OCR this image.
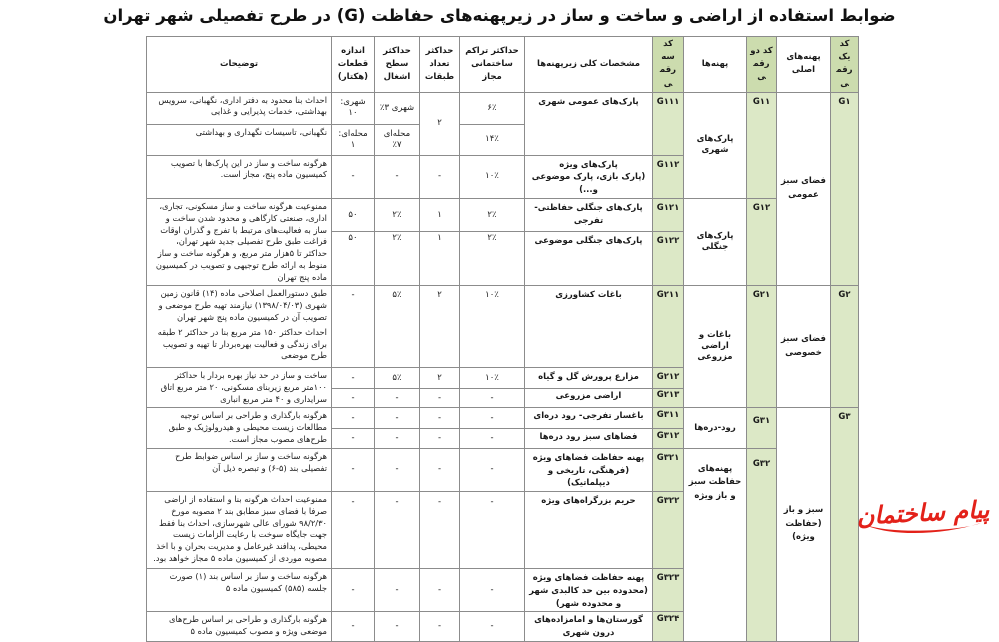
ضوابط استفاده از اراضی و ساخت و ساز در زیرپهنه‌های حفاظت (G) در طرح تفصیلی شهر تهران
کد یک رقمی	پهنه‌های اصلی	کد دو رقمی	پهنه‌ها	کد سه رقمی	مشخصات کلی زیرپهنه‌ها	حداکثر تراکم ساختمانی مجاز	حداکثر تعداد طبقات	حداکثر سطح اشغال	اندازه قطعات (هکتار)	توضیحات
G۱	فضای سبز عمومی	G۱۱	پارک‌های شهری	G۱۱۱	پارک‌های عمومی شهری	۶٪	۲	شهری ۳٪	شهری: ۱۰	احداث بنا محدود به دفتر اداری، نگهبانی، سرویس بهداشتی، خدمات پذیرایی و غذایی
						۱۴٪		محله‌ای ۷٪	محله‌ای: ۱	نگهبانی، تاسیسات نگهداری و بهداشتی
				G۱۱۲	پارک‌های ویژه
(پارک بازی، پارک موضوعی و...)	۱۰٪	-	-	-	هرگونه ساخت و ساز در این پارک‌ها با تصویب کمیسیون ماده پنج، مجاز است.
		G۱۲	پارک‌های جنگلی	G۱۲۱	پارک‌های جنگلی حفاظتی-تفرجی	۲٪	۱	۲٪	۵۰	ممنوعیت هرگونه ساخت و ساز مسکونی، تجاری، اداری، صنعتی کارگاهی و محدود شدن ساخت و ساز به فعالیت‌های مرتبط با تفرج و گذران اوقات فراغت طبق طرح تفصیلی جدید شهر تهران، حداکثر تا ۵هزار متر مربع، و هرگونه ساخت و ساز منوط به ارائه طرح توجیهی و تصویب در کمیسیون ماده پنج تهران
				G۱۲۲	پارک‌های جنگلی موضوعی	۲٪	۱	۲٪	۵۰	
G۲	فضای سبز خصوصی	G۲۱	باغات و اراضی مزروعی	G۲۱۱	باغات کشاورزی	۱۰٪	۲	۵٪	-	طبق دستورالعمل اصلاحی ماده (۱۴) قانون زمین شهری (۱۳۹۸/۰۴/۰۳) نیازمند تهیه طرح موضعی و تصویب آن در کمیسیون ماده پنج شهر تهران
احداث حداکثر ۱۵۰ متر مربع بنا در حداکثر ۲ طبقه برای زندگی و فعالیت بهره‌بردار تا تهیه و تصویب طرح موضعی

				G۲۱۲	مزارع پرورش گل و گیاه	۱۰٪	۲	۵٪	-	ساخت و ساز در حد نیاز بهره بردار با حداکثر ۱۰۰متر مربع زیربنای مسکونی، ۲۰ متر مربع اتاق سرایداری و ۴۰ متر مربع انباری
				G۲۱۳	اراضی مزروعی	-	-	-	-	
G۳	سبز و باز (حفاظت ویژه)	G۳۱	رود-دره‌ها	G۳۱۱	باغسار تفرجی- رود دره‌ای	-	-	-	-	هرگونه بارگذاری و طراحی بر اساس توجیه مطالعات زیست محیطی و هیدرولوژیک و طبق طرح‌های مصوب مجاز است.
				G۳۱۲	فضاهای سبز رود دره‌ها	-	-	-	-	
		G۳۲	پهنه‌های حفاظت سبز و باز ویژه	G۳۲۱	پهنه حفاظت فضاهای ویژه
(فرهنگی، تاریخی و دیپلماتیک)	-	-	-	-	هرگونه ساخت و ساز بر اساس ضوابط طرح تفصیلی بند (۵-۶) و تبصره ذیل آن
				G۳۲۲	حریم بزرگراه‌های ویژه	-	-	-	-	ممنوعیت احداث هرگونه بنا و استفاده از اراضی صرفا با فضای سبز مطابق بند ۲ مصوبه مورخ ۹۸/۲/۳۰ شورای عالی شهرسازی، احداث بنا فقط جهت جایگاه سوخت با رعایت الزامات زیست محیطی، پدافند غیرعامل و مدیریت بحران و با اخذ مصوبه موردی از کمیسیون ماده ۵ مجاز خواهد بود.
				G۳۲۳	پهنه حفاظت فضاهای ویژه
(محدوده بین حد کالبدی شهر و محدوده شهر)	-	-	-	-	هرگونه ساخت و ساز بر اساس بند (۱) صورت جلسه (۵۸۵) کمیسیون ماده ۵
				G۳۲۴	گورستان‌ها و امامزاده‌های درون شهری	-	-	-	-	هرگونه بارگذاری و طراحی بر اساس طرح‌های موضعی ویژه و مصوب کمیسیون ماده ۵
پیام ساختمان
